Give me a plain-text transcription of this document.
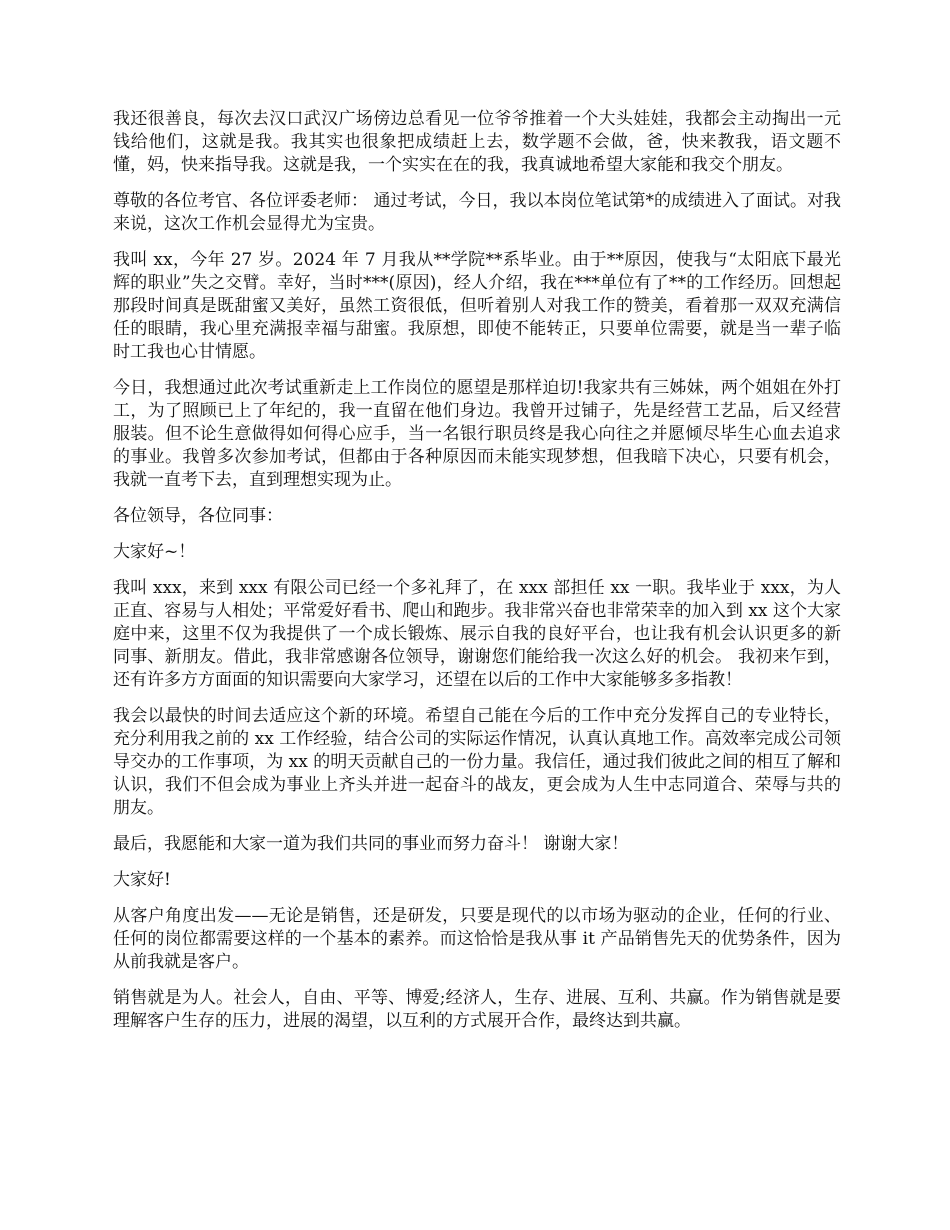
我还很善良，每次去汉口武汉广场傍边总看见一位爷爷推着一个大头娃娃，我都会主动掏出一元钱给他们，这就是我。我其实也很象把成绩赶上去，数学题不会做，爸，快来教我，语文题不懂，妈，快来指导我。这就是我，一个实实在在的我，我真诚地希望大家能和我交个朋友。

尊敬的各位考官、各位评委老师： 通过考试，今日，我以本岗位笔试第*的成绩进入了面试。对我来说，这次工作机会显得尤为宝贵。

我叫 xx，今年 27 岁。2024 年 7 月我从**学院**系毕业。由于**原因，使我与“太阳底下最光辉的职业”失之交臂。幸好，当时***(原因)，经人介绍，我在***单位有了**的工作经历。回想起那段时间真是既甜蜜又美好，虽然工资很低，但听着别人对我工作的赞美，看着那一双双充满信任的眼睛，我心里充满报幸福与甜蜜。我原想，即使不能转正，只要单位需要，就是当一辈子临时工我也心甘情愿。

今日，我想通过此次考试重新走上工作岗位的愿望是那样迫切!我家共有三姊妹，两个姐姐在外打工，为了照顾已上了年纪的，我一直留在他们身边。我曾开过铺子，先是经营工艺品，后又经营服装。但不论生意做得如何得心应手，当一名银行职员终是我心向往之并愿倾尽毕生心血去追求的事业。我曾多次参加考试，但都由于各种原因而未能实现梦想，但我暗下决心，只要有机会，我就一直考下去，直到理想实现为止。

各位领导，各位同事：

大家好~！

我叫 xxx，来到 xxx 有限公司已经一个多礼拜了，在 xxx 部担任 xx 一职。我毕业于 xxx，为人正直、容易与人相处；平常爱好看书、爬山和跑步。我非常兴奋也非常荣幸的加入到 xx 这个大家庭中来，这里不仅为我提供了一个成长锻炼、展示自我的良好平台，也让我有机会认识更多的新同事、新朋友。借此，我非常感谢各位领导，谢谢您们能给我一次这么好的机会。 我初来乍到，还有许多方方面面的知识需要向大家学习，还望在以后的工作中大家能够多多指教！

我会以最快的时间去适应这个新的环境。希望自己能在今后的工作中充分发挥自己的专业特长，充分利用我之前的 xx 工作经验，结合公司的实际运作情况，认真认真地工作。高效率完成公司领导交办的工作事项，为 xx 的明天贡献自己的一份力量。我信任，通过我们彼此之间的相互了解和认识，我们不但会成为事业上齐头并进一起奋斗的战友，更会成为人生中志同道合、荣辱与共的朋友。

最后，我愿能和大家一道为我们共同的事业而努力奋斗！ 谢谢大家！

大家好!

从客户角度出发——无论是销售，还是研发，只要是现代的以市场为驱动的企业，任何的行业、任何的岗位都需要这样的一个基本的素养。而这恰恰是我从事 it 产品销售先天的优势条件，因为从前我就是客户。

销售就是为人。社会人，自由、平等、博爱;经济人，生存、进展、互利、共赢。作为销售就是要理解客户生存的压力，进展的渴望，以互利的方式展开合作，最终达到共赢。
